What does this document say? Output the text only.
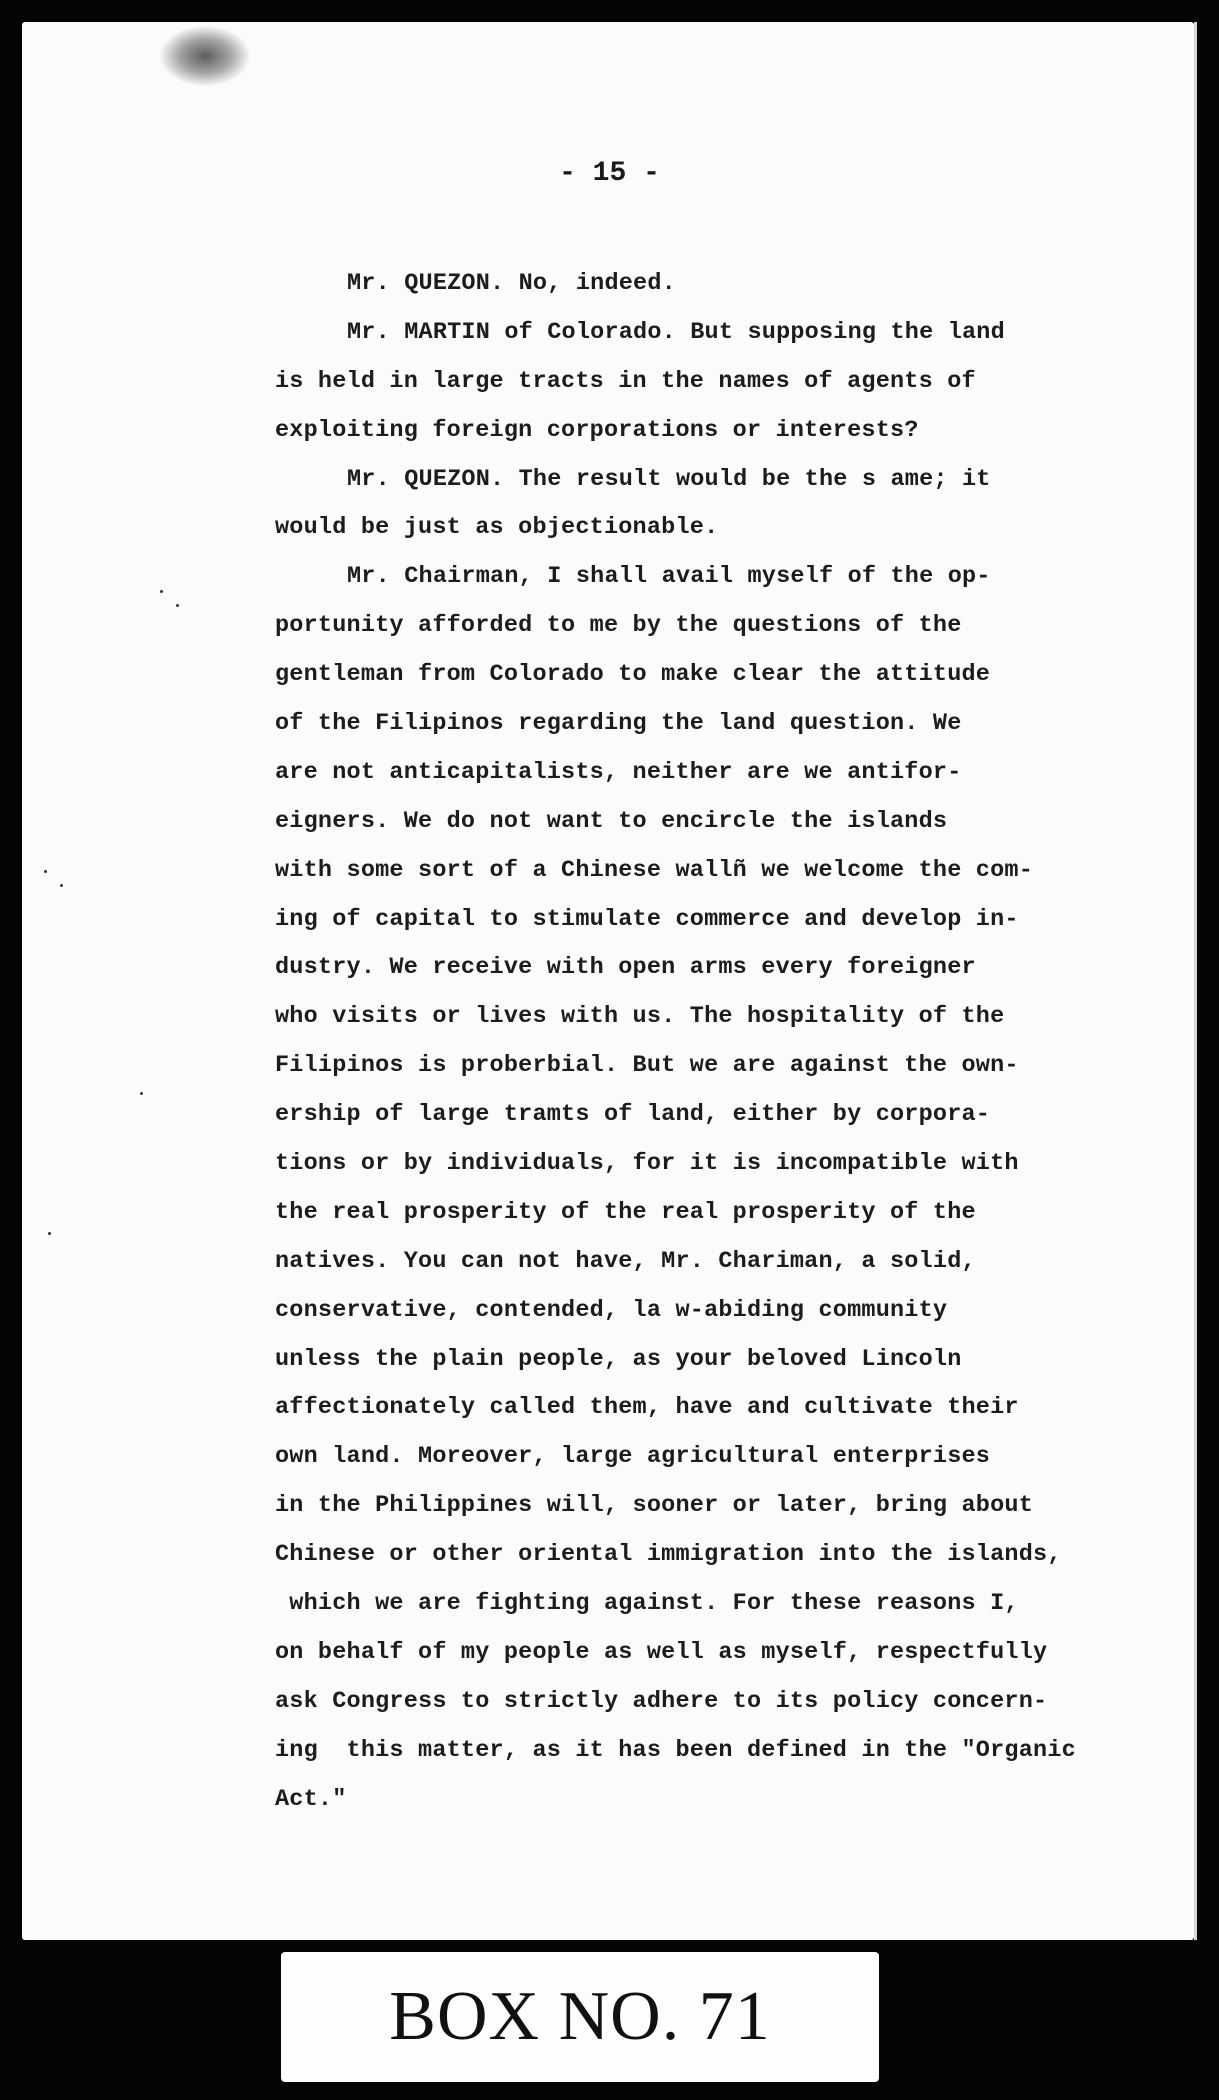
- 15 -
Mr. QUEZON. No, indeed.
Mr. MARTIN of Colorado. But supposing the land
is held in large tracts in the names of agents of
exploiting foreign corporations or interests?
Mr. QUEZON. The result would be the s ame; it
would be just as objectionable.
Mr. Chairman, I shall avail myself of the op-
portunity afforded to me by the questions of the
gentleman from Colorado to make clear the attitude
of the Filipinos regarding the land question. We
are not anticapitalists, neither are we antifor-
eigners. We do not want to encircle the islands
with some sort of a Chinese wallñ we welcome the com-
ing of capital to stimulate commerce and develop in-
dustry. We receive with open arms every foreigner
who visits or lives with us. The hospitality of the
Filipinos is proberbial. But we are against the own-
ership of large tramts of land, either by corpora-
tions or by individuals, for it is incompatible with
the real prosperity of the real prosperity of the
natives. You can not have, Mr. Chariman, a solid,
conservative, contended, la w-abiding community
unless the plain people, as your beloved Lincoln
affectionately called them, have and cultivate their
own land. Moreover, large agricultural enterprises
in the Philippines will, sooner or later, bring about
Chinese or other oriental immigration into the islands,
which we are fighting against. For these reasons I,
on behalf of my people as well as myself, respectfully
ask Congress to strictly adhere to its policy concern-
ing  this matter, as it has been defined in the "Organic
Act."
BOX NO. 71
